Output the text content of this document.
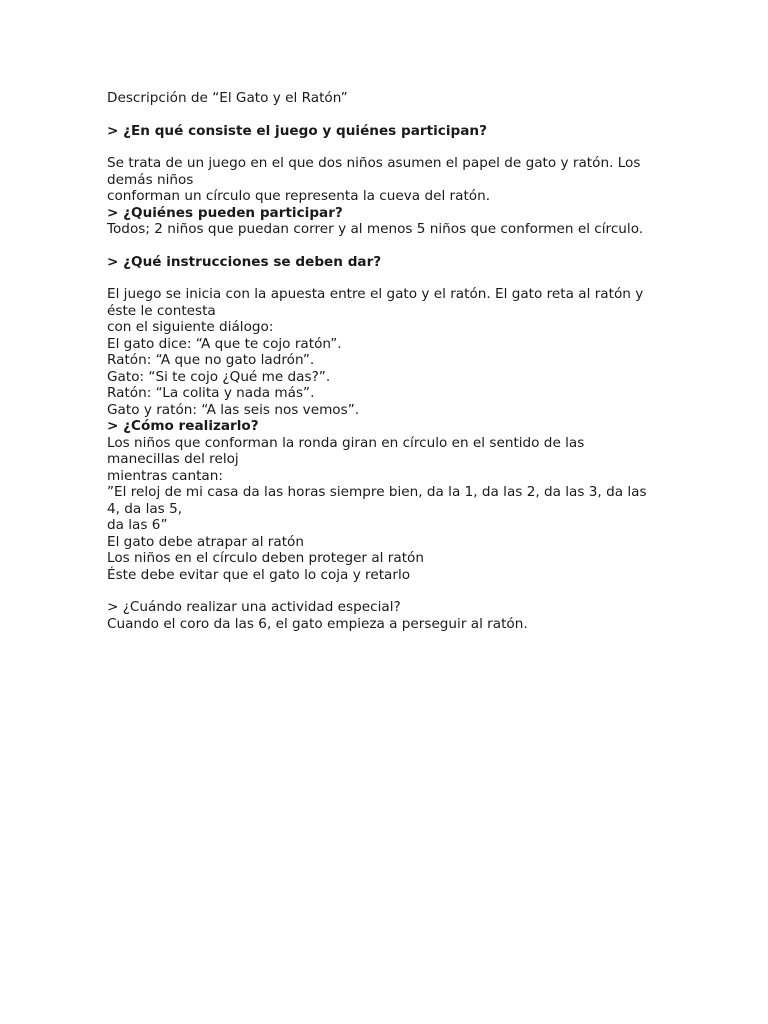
Descripción de “El Gato y el Ratón”
> ¿En qué consiste el juego y quiénes participan?
Se trata de un juego en el que dos niños asumen el papel de gato y ratón. Los
demás niños
conforman un círculo que representa la cueva del ratón.
> ¿Quiénes pueden participar?
Todos; 2 niños que puedan correr y al menos 5 niños que conformen el círculo.
> ¿Qué instrucciones se deben dar?
El juego se inicia con la apuesta entre el gato y el ratón. El gato reta al ratón y
éste le contesta
con el siguiente diálogo:
El gato dice: “A que te cojo ratón”.
Ratón: “A que no gato ladrón”.
Gato: “Si te cojo ¿Qué me das?”.
Ratón: “La colita y nada más”.
Gato y ratón: “A las seis nos vemos”.
> ¿Cómo realizarlo?
Los niños que conforman la ronda giran en círculo en el sentido de las
manecillas del reloj
mientras cantan:
”El reloj de mi casa da las horas siempre bien, da la 1, da las 2, da las 3, da las
4, da las 5,
da las 6”
El gato debe atrapar al ratón
Los niños en el círculo deben proteger al ratón
Éste debe evitar que el gato lo coja y retarlo
> ¿Cuándo realizar una actividad especial?
Cuando el coro da las 6, el gato empieza a perseguir al ratón.
